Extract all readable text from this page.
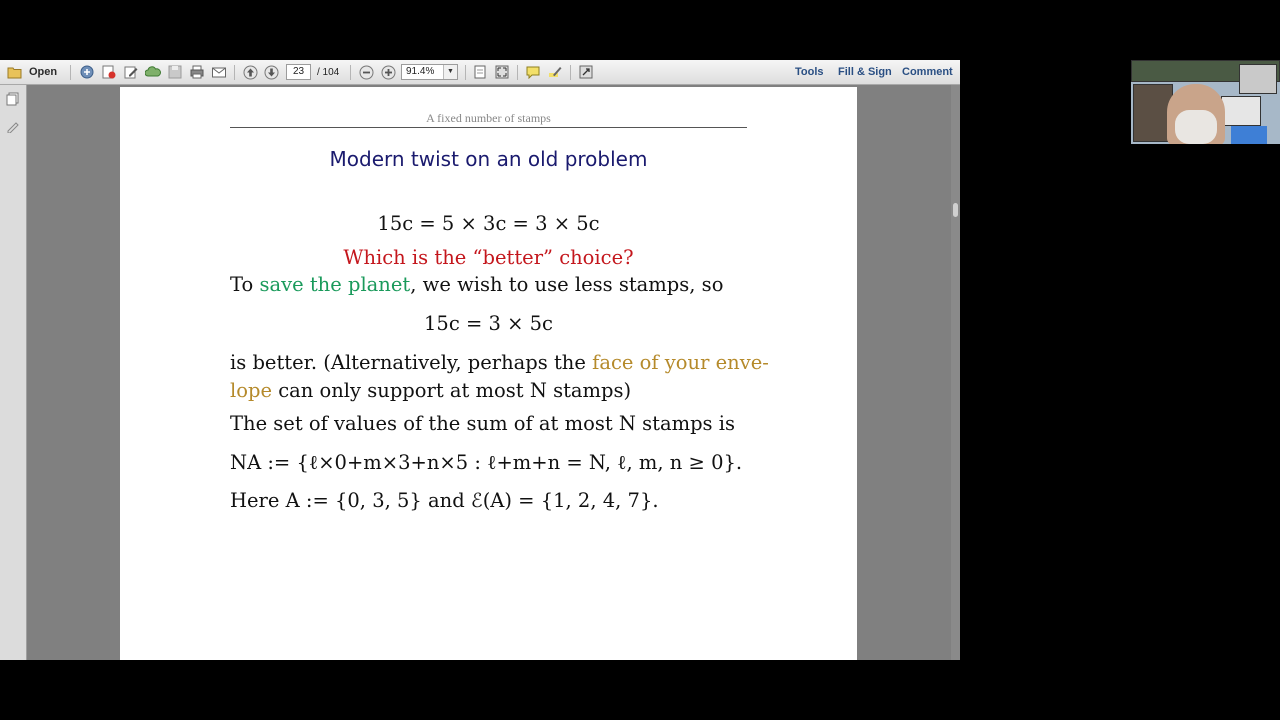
Open	23	/ 104	91.4%	▼	Tools Fill & Sign Comment
A fixed number of stamps
Modern twist on an old problem
15c = 5 × 3c = 3 × 5c
Which is the “better” choice?
To save the planet, we wish to use less stamps, so
15c = 3 × 5c
is better. (Alternatively, perhaps the face of your enve-
lope can only support at most N stamps)
The set of values of the sum of at most N stamps is
NA := {ℓ×0+m×3+n×5 : ℓ+m+n = N, ℓ, m, n ≥ 0}.
Here A := {0, 3, 5} and ℰ(A) = {1, 2, 4, 7}.
